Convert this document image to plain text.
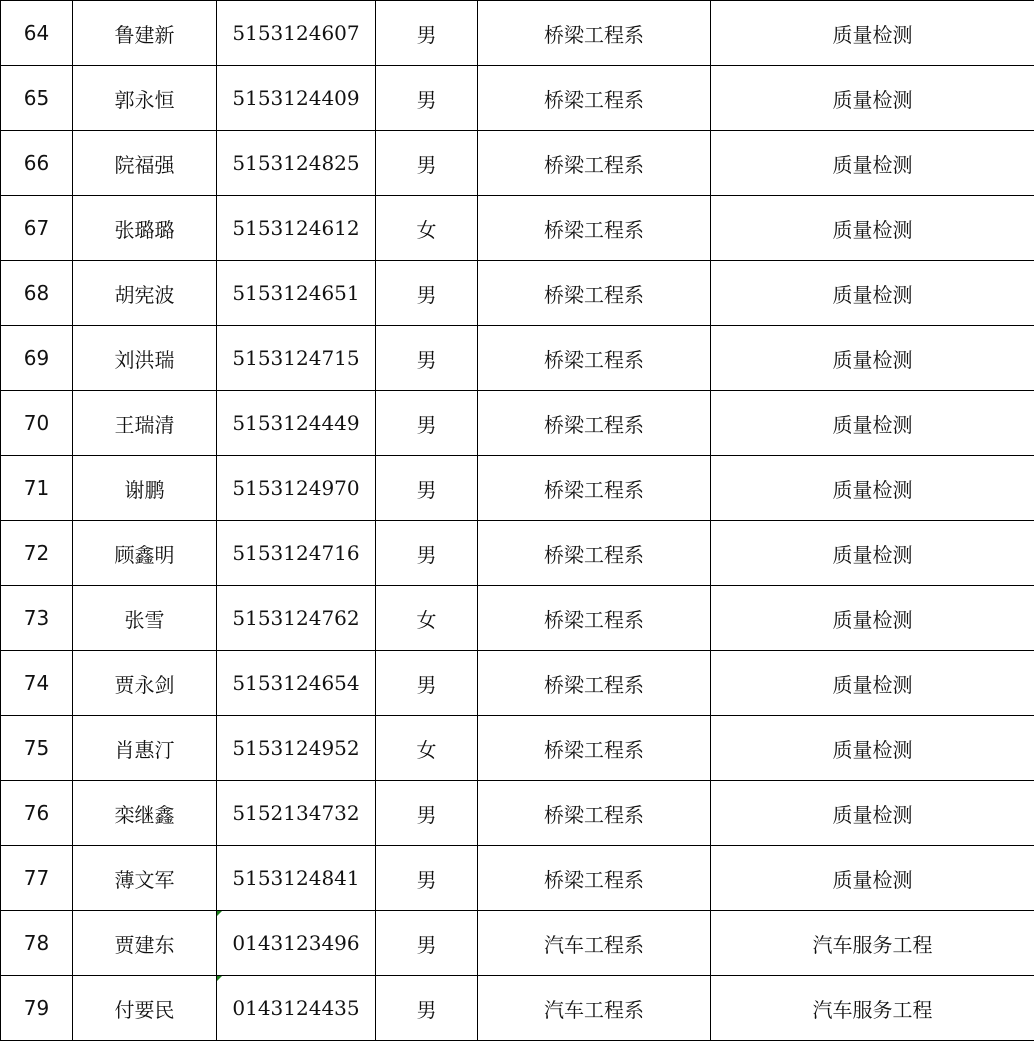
64	鲁建新	5153124607	男	桥梁工程系	质量检测
65	郭永恒	5153124409	男	桥梁工程系	质量检测
66	院福强	5153124825	男	桥梁工程系	质量检测
67	张璐璐	5153124612	女	桥梁工程系	质量检测
68	胡宪波	5153124651	男	桥梁工程系	质量检测
69	刘洪瑞	5153124715	男	桥梁工程系	质量检测
70	王瑞清	5153124449	男	桥梁工程系	质量检测
71	谢鹏	5153124970	男	桥梁工程系	质量检测
72	顾鑫明	5153124716	男	桥梁工程系	质量检测
73	张雪	5153124762	女	桥梁工程系	质量检测
74	贾永剑	5153124654	男	桥梁工程系	质量检测
75	肖惠汀	5153124952	女	桥梁工程系	质量检测
76	栾继鑫	5152134732	男	桥梁工程系	质量检测
77	薄文军	5153124841	男	桥梁工程系	质量检测
78	贾建东	0143123496	男	汽车工程系	汽车服务工程
79	付要民	0143124435	男	汽车工程系	汽车服务工程
